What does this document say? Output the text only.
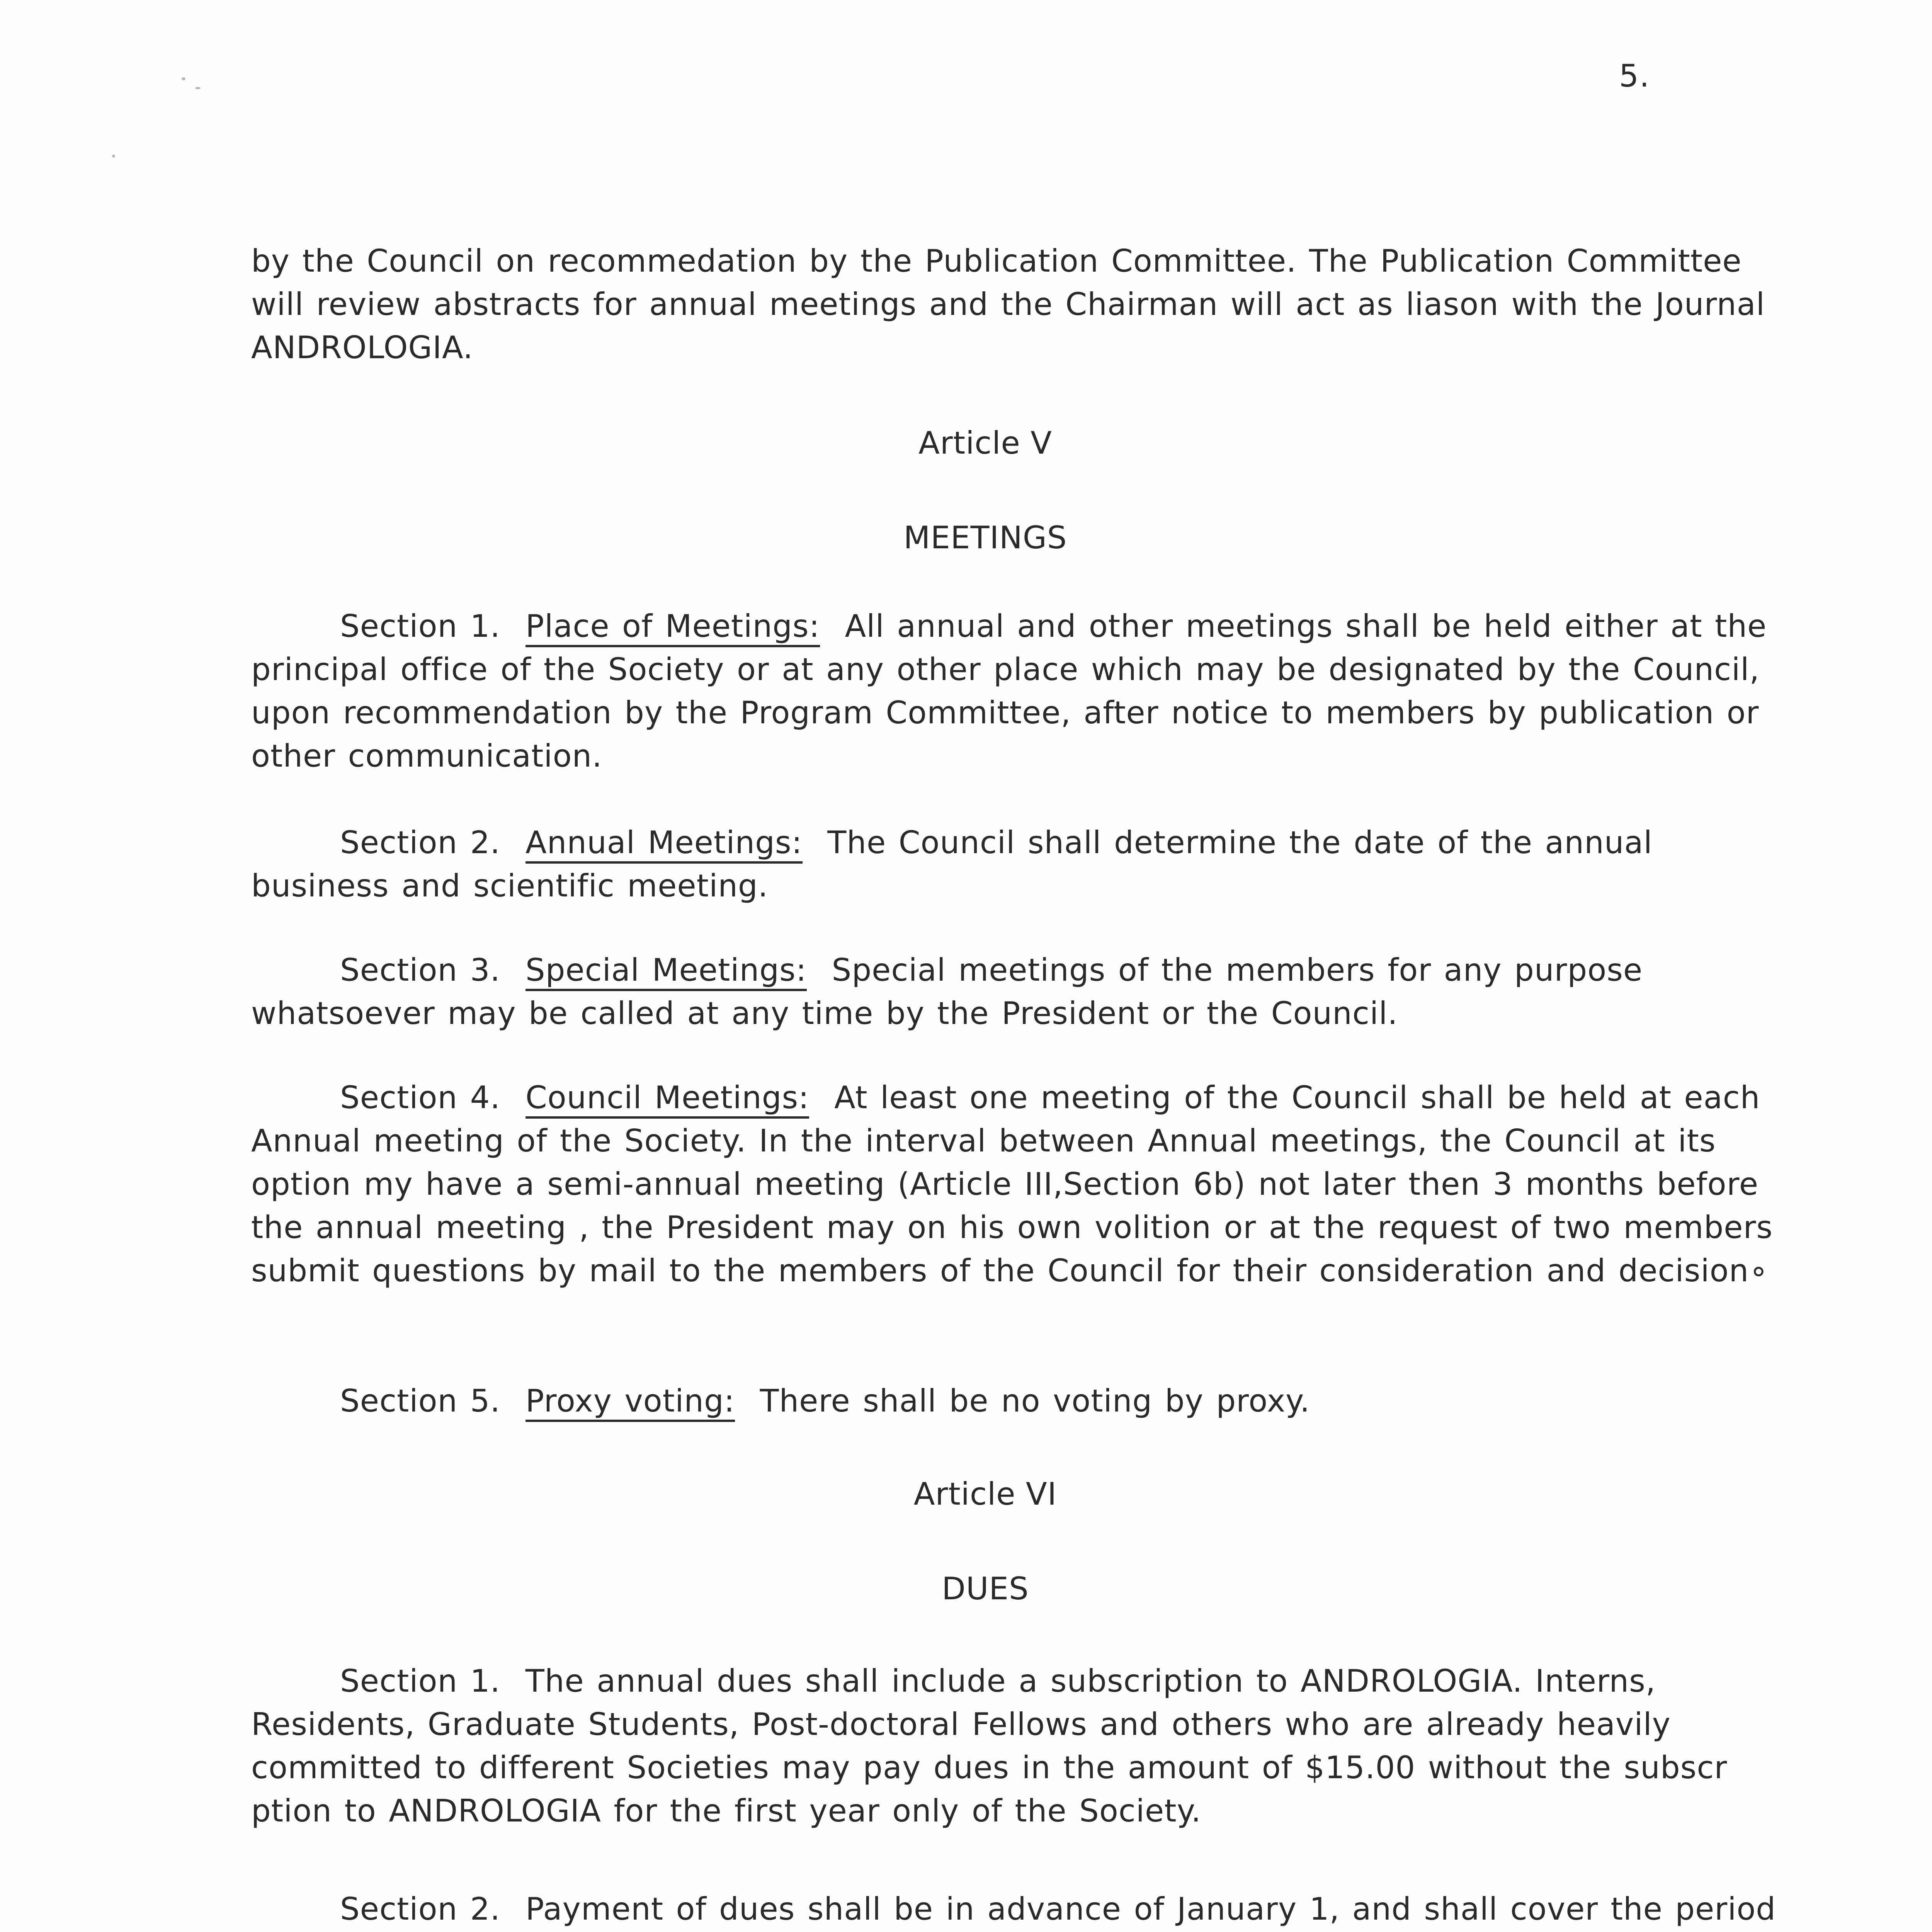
5.

by the Council on recommedation by the Publication Committee. The Publication Committee will review abstracts for annual meetings and the Chairman will act as liason with the Journal ANDROLOGIA.

Article V
MEETINGS

Section 1. Place of Meetings: All annual and other meetings shall be held either at the principal office of the Society or at any other place which may be designated by the Council, upon recommendation by the Program Committee, after notice to members by publication or other communication.

Section 2. Annual Meetings: The Council shall determine the date of the annual business and scientific meeting.

Section 3. Special Meetings: Special meetings of the members for any purpose whatsoever may be called at any time by the President or the Council.

Section 4. Council Meetings: At least one meeting of the Council shall be held at each Annual meeting of the Society. In the interval between Annual meetings, the Council at its option my have a semi-annual meeting (Article III,Section 6b) not later then 3 months before the annual meeting , the President may on his own volition or at the request of two members submit questions by mail to the members of the Council for their consideration and decision∘

Section 5. Proxy voting: There shall be no voting by proxy.

Article VI
DUES

Section 1. The annual dues shall include a subscription to ANDROLOGIA. Interns, Residents, Graduate Students, Post-doctoral Fellows and others who are already heavily committed to different Societies may pay dues in the amount of $15.00 without the subscr ption to ANDROLOGIA for the first year only of the Society.

Section 2. Payment of dues shall be in advance of January 1, and shall cover the period
